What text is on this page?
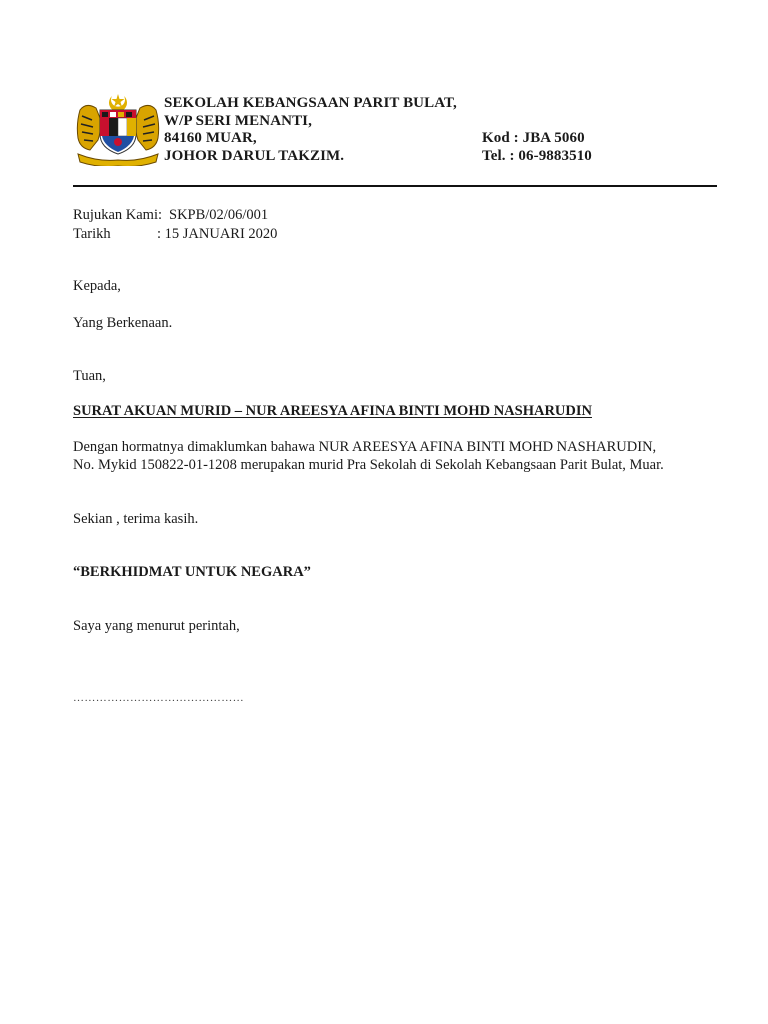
SEKOLAH KEBANGSAAN PARIT BULAT,
W/P SERI MENANTI,
84160 MUAR,
JOHOR DARUL TAKZIM.
Kod : JBA 5060
Tel. : 06-9883510
Rujukan Kami: SKPB/02/06/001
Tarikh	: 15 JANUARI 2020
Kepada,
Yang Berkenaan.
Tuan,
SURAT AKUAN MURID – NUR AREESYA AFINA BINTI MOHD NASHARUDIN
Dengan hormatnya dimaklumkan bahawa NUR AREESYA AFINA BINTI MOHD NASHARUDIN,
No. Mykid 150822-01-1208 merupakan murid Pra Sekolah di Sekolah Kebangsaan Parit Bulat, Muar.
Sekian , terima kasih.
“BERKHIDMAT UNTUK NEGARA”
Saya yang menurut perintah,
………………………………………
